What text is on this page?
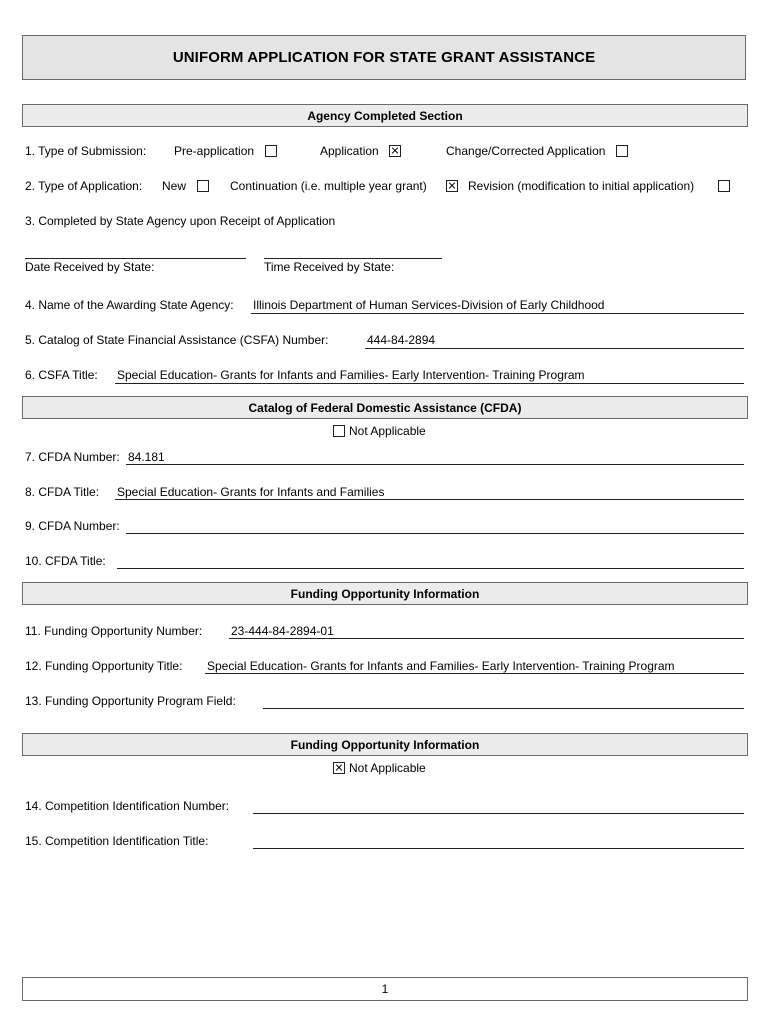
UNIFORM APPLICATION FOR STATE GRANT ASSISTANCE
Agency Completed Section
1. Type of Submission: Pre-application	Application	Change/Corrected Application
2. Type of Application: New	Continuation (i.e. multiple year grant)	Revision (modification to initial application)
3. Completed by State Agency upon Receipt of Application
Date Received by State:	Time Received by State:
4. Name of the Awarding State Agency: Illinois Department of Human Services-Division of Early Childhood
5. Catalog of State Financial Assistance (CSFA) Number:	444-84-2894
6. CSFA Title: Special Education- Grants for Infants and Families- Early Intervention- Training Program
Catalog of Federal Domestic Assistance (CFDA)
Not Applicable
7. CFDA Number: 84.181
8. CFDA Title: Special Education- Grants for Infants and Families
9. CFDA Number:
10. CFDA Title:
Funding Opportunity Information
11. Funding Opportunity Number: 23-444-84-2894-01
12. Funding Opportunity Title: Special Education- Grants for Infants and Families- Early Intervention- Training Program
13. Funding Opportunity Program Field:
Funding Opportunity Information
Not Applicable
14. Competition Identification Number:
15. Competition Identification Title:
1
